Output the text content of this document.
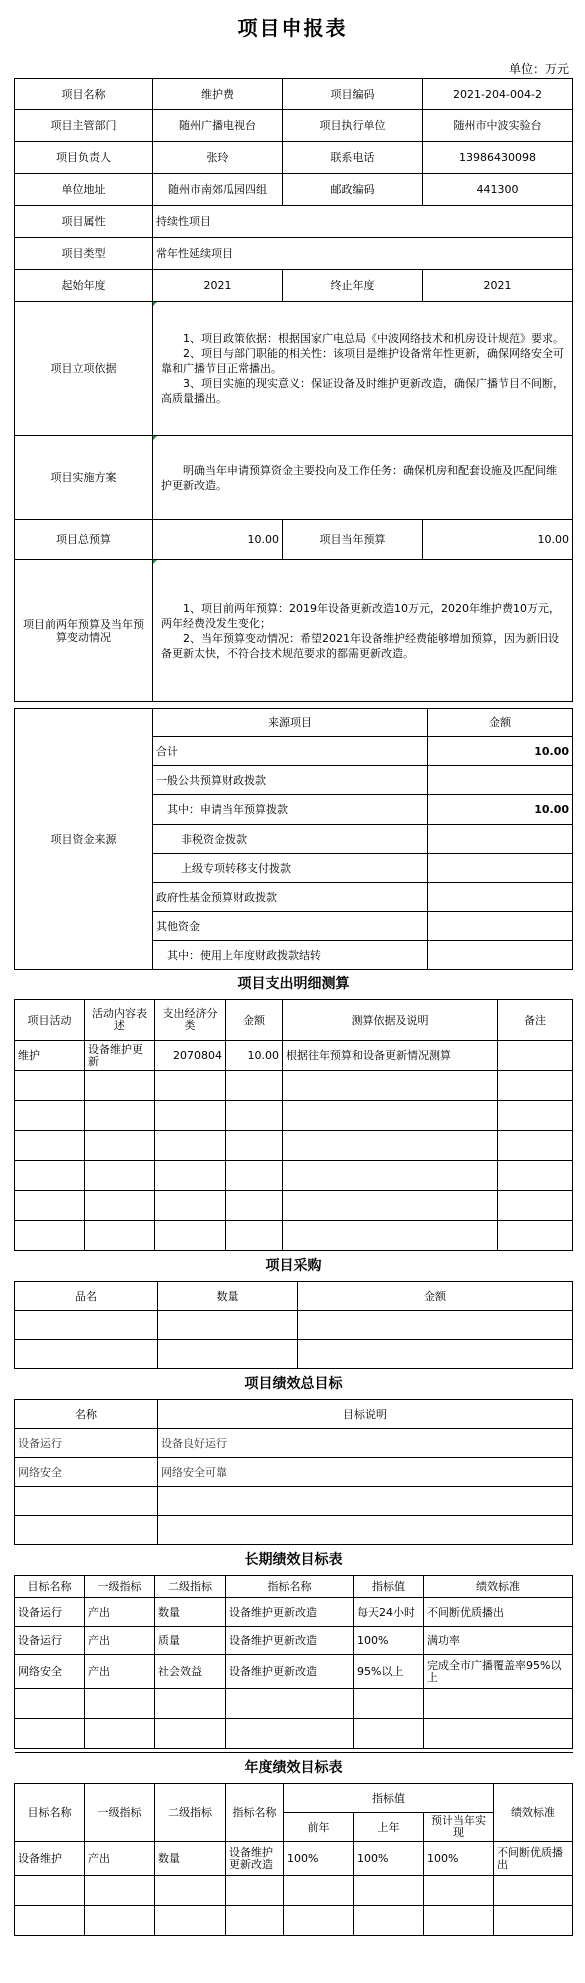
项目申报表
单位：万元
项目名称	维护费	项目编码	2021-204-004-2
项目主管部门	随州广播电视台	项目执行单位	随州市中波实验台
项目负责人	张玲	联系电话	13986430098
单位地址	随州市南郊瓜园四组	邮政编码	441300
项目属性	持续性项目		
项目类型	常年性延续项目		
起始年度	2021	终止年度	2021
项目立项依据	1、项目政策依据：根据国家广电总局《中波网络技术和机房设计规范》要求。
2、项目与部门职能的相关性：该项目是维护设备常年性更新，确保网络安全可靠和广播节目正常播出。
3、项目实施的现实意义：保证设备及时维护更新改造，确保广播节目不间断，高质量播出。		

项目实施方案	明确当年申请预算资金主要投向及工作任务：确保机房和配套设施及匹配间维护更新改造。		

项目总预算	10.00	项目当年预算	10.00
项目前两年预算及当年预算变动情况	1、项目前两年预算：2019年设备更新改造10万元，2020年维护费10万元，两年经费没发生变化；
2、当年预算变动情况：希望2021年设备维护经费能够增加预算，因为新旧设备更新太快，不符合技术规范要求的都需更新改造。		
项目资金来源	来源项目	金额
	合计	10.00
	一般公共预算财政拨款	
	其中：申请当年预算拨款	10.00
	非税资金拨款	
	上级专项转移支付拨款	
	政府性基金预算财政拨款	
	其他资金	
	其中：使用上年度财政拨款结转	
项目支出明细测算					
项目活动	活动内容表述	支出经济分类	金额	测算依据及说明	备注
维护	设备维护更新	2070804	10.00	根据往年预算和设备更新情况测算	

项目采购		
品名	数量	金额

项目绩效总目标	
名称	目标说明
设备运行	设备良好运行
网络安全	网络安全可靠

长期绩效目标表					
目标名称	一级指标	二级指标	指标名称	指标值	绩效标准
设备运行	产出	数量	设备维护更新改造	每天24小时	不间断优质播出
设备运行	产出	质量	设备维护更新改造	100%	满功率
网络安全	产出	社会效益	设备维护更新改造	95%以上	完成全市广播覆盖率95%以上

年度绩效目标表							
目标名称	一级指标	二级指标	指标名称	指标值			绩效标准
				前年	上年	预计当年实现	
设备维护	产出	数量	设备维护更新改造	100%	100%	100%	不间断优质播出
